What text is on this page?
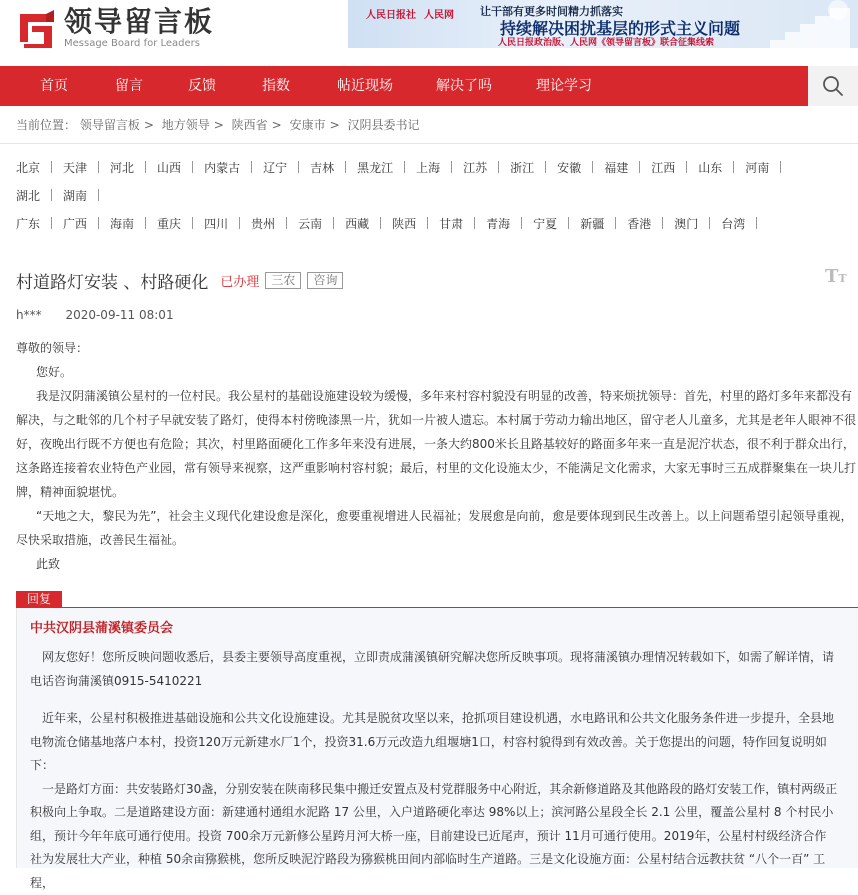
领导留言板
Message Board for Leaders
人民日报社 人民网 让干部有更多时间精力抓落实
持续解决困扰基层的形式主义问题
人民日报政治版、人民网《领导留言板》联合征集线索
首页	留言	反馈	指数	帖近现场	解决了吗	理论学习
当前位置： 领导留言板 > 地方领导 > 陕西省 > 安康市 > 汉阴县委书记
北京 天津 河北 山西 内蒙古 辽宁 吉林 黑龙江 上海 江苏 浙江 安徽 福建 江西 山东 河南
湖北 湖南
广东 广西 海南 重庆 四川 贵州 云南 西藏 陕西 甘肃 青海 宁夏 新疆 香港 澳门 台湾
村道路灯安装 、村路硬化 已办理	三农	咨询	TT
h*** 2020-09-11 08:01

尊敬的领导：

您好。

我是汉阴蒲溪镇公星村的一位村民。我公星村的基础设施建设较为缓慢，多年来村容村貌没有明显的改善，特来烦扰领导：首先，村里的路灯多年来都没有解决，与之毗邻的几个村子早就安装了路灯，使得本村傍晚漆黑一片，犹如一片被人遗忘。本村属于劳动力输出地区，留守老人儿童多，尤其是老年人眼神不很好，夜晚出行既不方便也有危险；其次，村里路面硬化工作多年来没有进展，一条大约800米长且路基较好的路面多年来一直是泥泞状态，很不利于群众出行，这条路连接着农业特色产业园，常有领导来视察，这严重影响村容村貌；最后，村里的文化设施太少，不能满足文化需求，大家无事时三五成群聚集在一块儿打牌，精神面貌堪忧。

“天地之大，黎民为先”，社会主义现代化建设愈是深化，愈要重视增进人民福祉；发展愈是向前，愈是要体现到民生改善上。以上问题希望引起领导重视，尽快采取措施，改善民生福祉。

此致

回复
中共汉阴县蒲溪镇委员会

网友您好！您所反映问题收悉后，县委主要领导高度重视，立即责成蒲溪镇研究解决您所反映事项。现将蒲溪镇办理情况转载如下，如需了解详情，请电话咨询蒲溪镇0915-5410221

近年来，公星村积极推进基础设施和公共文化设施建设。尤其是脱贫攻坚以来，抢抓项目建设机遇，水电路讯和公共文化服务条件进一步提升，全县地电物流仓储基地落户本村，投资120万元新建水厂1个，投资31.6万元改造九组堰塘1口，村容村貌得到有效改善。关于您提出的问题，特作回复说明如下：

一是路灯方面：共安装路灯30盏，分别安装在陕南移民集中搬迁安置点及村党群服务中心附近，其余新修道路及其他路段的路灯安装工作，镇村两级正积极向上争取。二是道路建设方面：新建通村通组水泥路 17 公里，入户道路硬化率达 98%以上；滨河路公星段全长 2.1 公里，覆盖公星村 8 个村民小组，预计今年年底可通行使用。投资 700余万元新修公星跨月河大桥一座，目前建设已近尾声，预计 11月可通行使用。2019年，公星村村级经济合作社为发展壮大产业，种植 50余亩猕猴桃，您所反映泥泞路段为猕猴桃田间内部临时生产道路。三是文化设施方面：公星村结合远教扶贫 “八个一百” 工程，
